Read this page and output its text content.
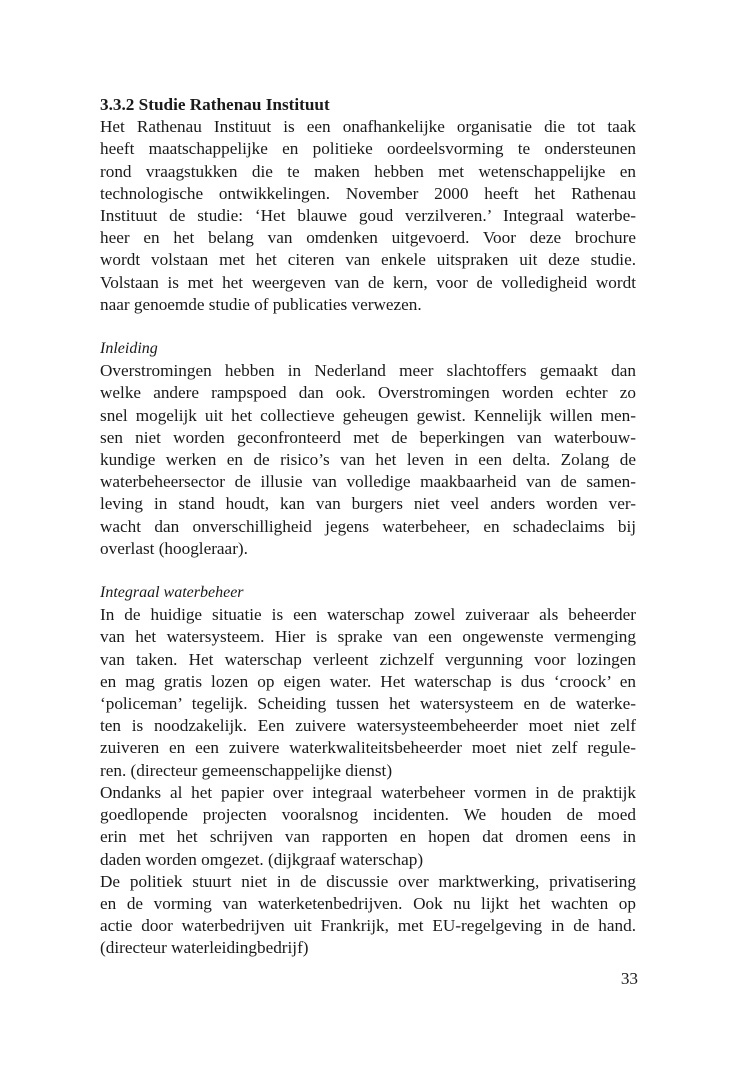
3.3.2 Studie Rathenau Instituut
Het Rathenau Instituut is een onafhankelijke organisatie die tot taak
heeft maatschappelijke en politieke oordeelsvorming te ondersteunen
rond vraagstukken die te maken hebben met wetenschappelijke en
technologische ontwikkelingen. November 2000 heeft het Rathenau
Instituut de studie: ‘Het blauwe goud verzilveren.’ Integraal waterbe-
heer en het belang van omdenken uitgevoerd. Voor deze brochure
wordt volstaan met het citeren van enkele uitspraken uit deze studie.
Volstaan is met het weergeven van de kern, voor de volledigheid wordt
naar genoemde studie of publicaties verwezen.
Inleiding
Overstromingen hebben in Nederland meer slachtoffers gemaakt dan
welke andere rampspoed dan ook. Overstromingen worden echter zo
snel mogelijk uit het collectieve geheugen gewist. Kennelijk willen men-
sen niet worden geconfronteerd met de beperkingen van waterbouw-
kundige werken en de risico’s van het leven in een delta. Zolang de
waterbeheersector de illusie van volledige maakbaarheid van de samen-
leving in stand houdt, kan van burgers niet veel anders worden ver-
wacht dan onverschilligheid jegens waterbeheer, en schadeclaims bij
overlast (hoogleraar).
Integraal waterbeheer
In de huidige situatie is een waterschap zowel zuiveraar als beheerder
van het watersysteem. Hier is sprake van een ongewenste vermenging
van taken. Het waterschap verleent zichzelf vergunning voor lozingen
en mag gratis lozen op eigen water. Het waterschap is dus ‘croock’ en
‘policeman’ tegelijk. Scheiding tussen het watersysteem en de waterke-
ten is noodzakelijk. Een zuivere watersysteembeheerder moet niet zelf
zuiveren en een zuivere waterkwaliteitsbeheerder moet niet zelf regule-
ren. (directeur gemeenschappelijke dienst)
Ondanks al het papier over integraal waterbeheer vormen in de praktijk
goedlopende projecten vooralsnog incidenten. We houden de moed
erin met het schrijven van rapporten en hopen dat dromen eens in
daden worden omgezet. (dijkgraaf waterschap)
De politiek stuurt niet in de discussie over marktwerking, privatisering
en de vorming van waterketenbedrijven. Ook nu lijkt het wachten op
actie door waterbedrijven uit Frankrijk, met EU-regelgeving in de hand.
(directeur waterleidingbedrijf)
33
